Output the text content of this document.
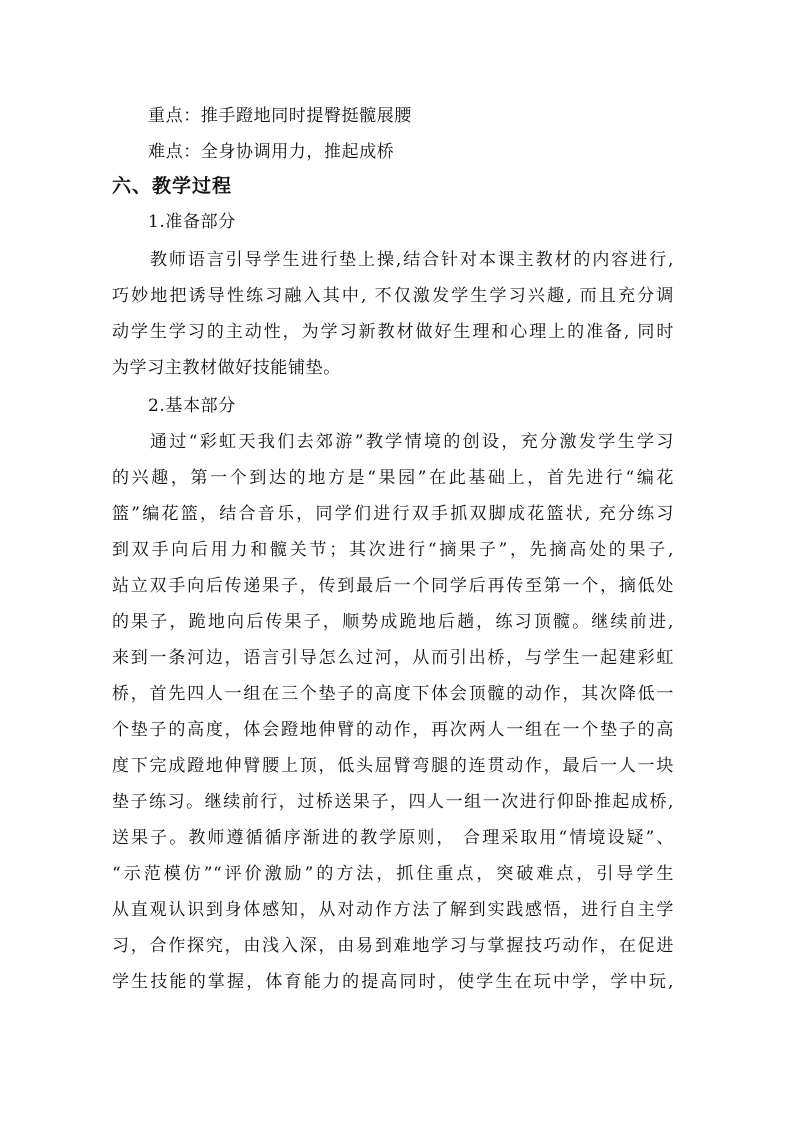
重点：推手蹬地同时提臀挺髋展腰
难点：全身协调用力，推起成桥
六、教学过程
1.准备部分
教师语言引导学生进行垫上操,结合针对本课主教材的内容进行,
巧妙地把诱导性练习融入其中, 不仅激发学生学习兴趣, 而且充分调
动学生学习的主动性，为学习新教材做好生理和心理上的准备, 同时
为学习主教材做好技能铺垫。
2.基本部分
通过“彩虹天我们去郊游”教学情境的创设，充分激发学生学习
的兴趣，第一个到达的地方是“果园”在此基础上，首先进行“编花
篮”编花篮，结合音乐，同学们进行双手抓双脚成花篮状, 充分练习
到双手向后用力和髋关节；其次进行“摘果子”，先摘高处的果子,
站立双手向后传递果子，传到最后一个同学后再传至第一个，摘低处
的果子，跪地向后传果子，顺势成跪地后趟，练习顶髋。继续前进,
来到一条河边，语言引导怎么过河，从而引出桥，与学生一起建彩虹
桥，首先四人一组在三个垫子的高度下体会顶髋的动作，其次降低一
个垫子的高度，体会蹬地伸臂的动作，再次两人一组在一个垫子的高
度下完成蹬地伸臂腰上顶，低头屈臂弯腿的连贯动作，最后一人一块
垫子练习。继续前行，过桥送果子，四人一组一次进行仰卧推起成桥,
送果子。教师遵循循序渐进的教学原则， 合理采取用“情境设疑”、
“示范模仿”“评价激励”的方法，抓住重点，突破难点，引导学生
从直观认识到身体感知，从对动作方法了解到实践感悟，进行自主学
习，合作探究，由浅入深，由易到难地学习与掌握技巧动作，在促进
学生技能的掌握，体育能力的提高同时，使学生在玩中学，学中玩,
